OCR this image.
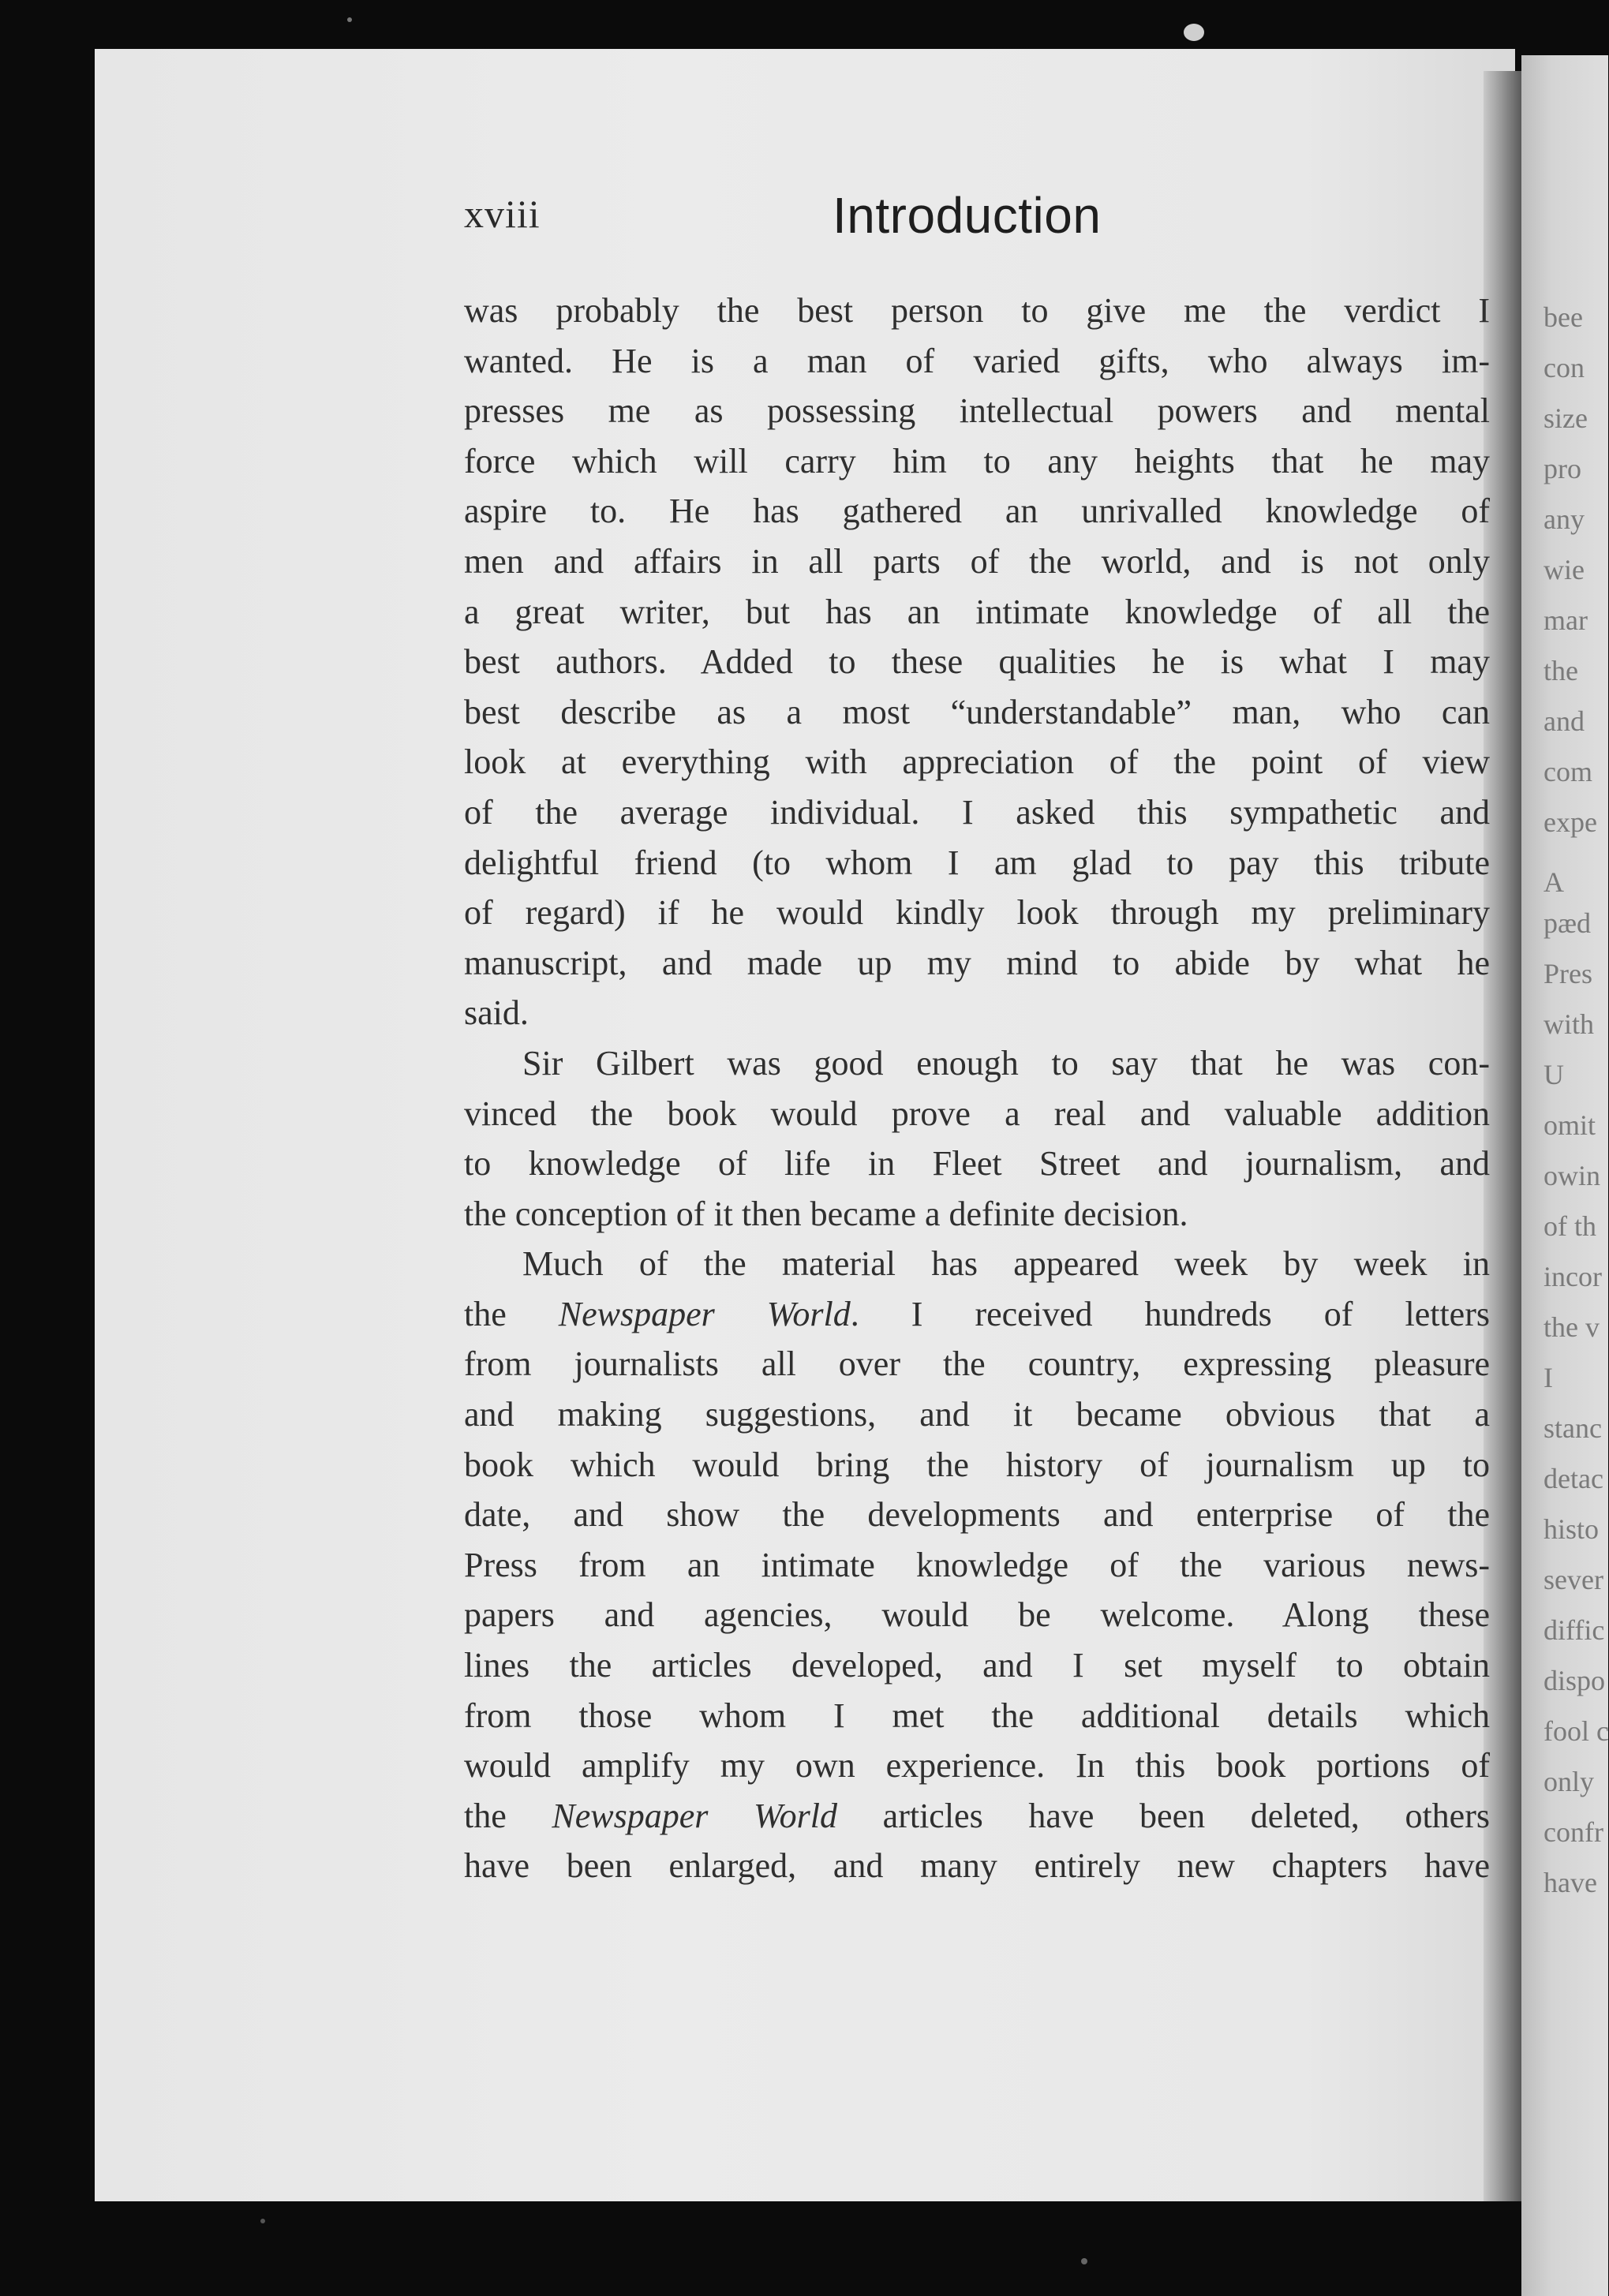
xviii	Introduction
was probably the best person to give me the verdict I
wanted. He is a man of varied gifts, who always im-
presses me as possessing intellectual powers and mental
force which will carry him to any heights that he may
aspire to. He has gathered an unrivalled knowledge of
men and affairs in all parts of the world, and is not only
a great writer, but has an intimate knowledge of all the
best authors. Added to these qualities he is what I may
best describe as a most “understandable” man, who can
look at everything with appreciation of the point of view
of the average individual. I asked this sympathetic and
delightful friend (to whom I am glad to pay this tribute
of regard) if he would kindly look through my preliminary
manuscript, and made up my mind to abide by what he
said.
Sir Gilbert was good enough to say that he was con-
vinced the book would prove a real and valuable addition
to knowledge of life in Fleet Street and journalism, and
the conception of it then became a definite decision.
Much of the material has appeared week by week in
the Newspaper World. I received hundreds of letters
from journalists all over the country, expressing pleasure
and making suggestions, and it became obvious that a
book which would bring the history of journalism up to
date, and show the developments and enterprise of the
Press from an intimate knowledge of the various news-
papers and agencies, would be welcome. Along these
lines the articles developed, and I set myself to obtain
from those whom I met the additional details which
would amplify my own experience. In this book portions of
the Newspaper World articles have been deleted, others
have been enlarged, and many entirely new chapters have
bee
con
size
pro
any
wie
mar
the
and
com
expe
A
pæd
Pres
with
U
omit
owin
of th
incor
the v
I
stanc
detac
histo
sever
diffic
dispo
fool c
only
confr
have
